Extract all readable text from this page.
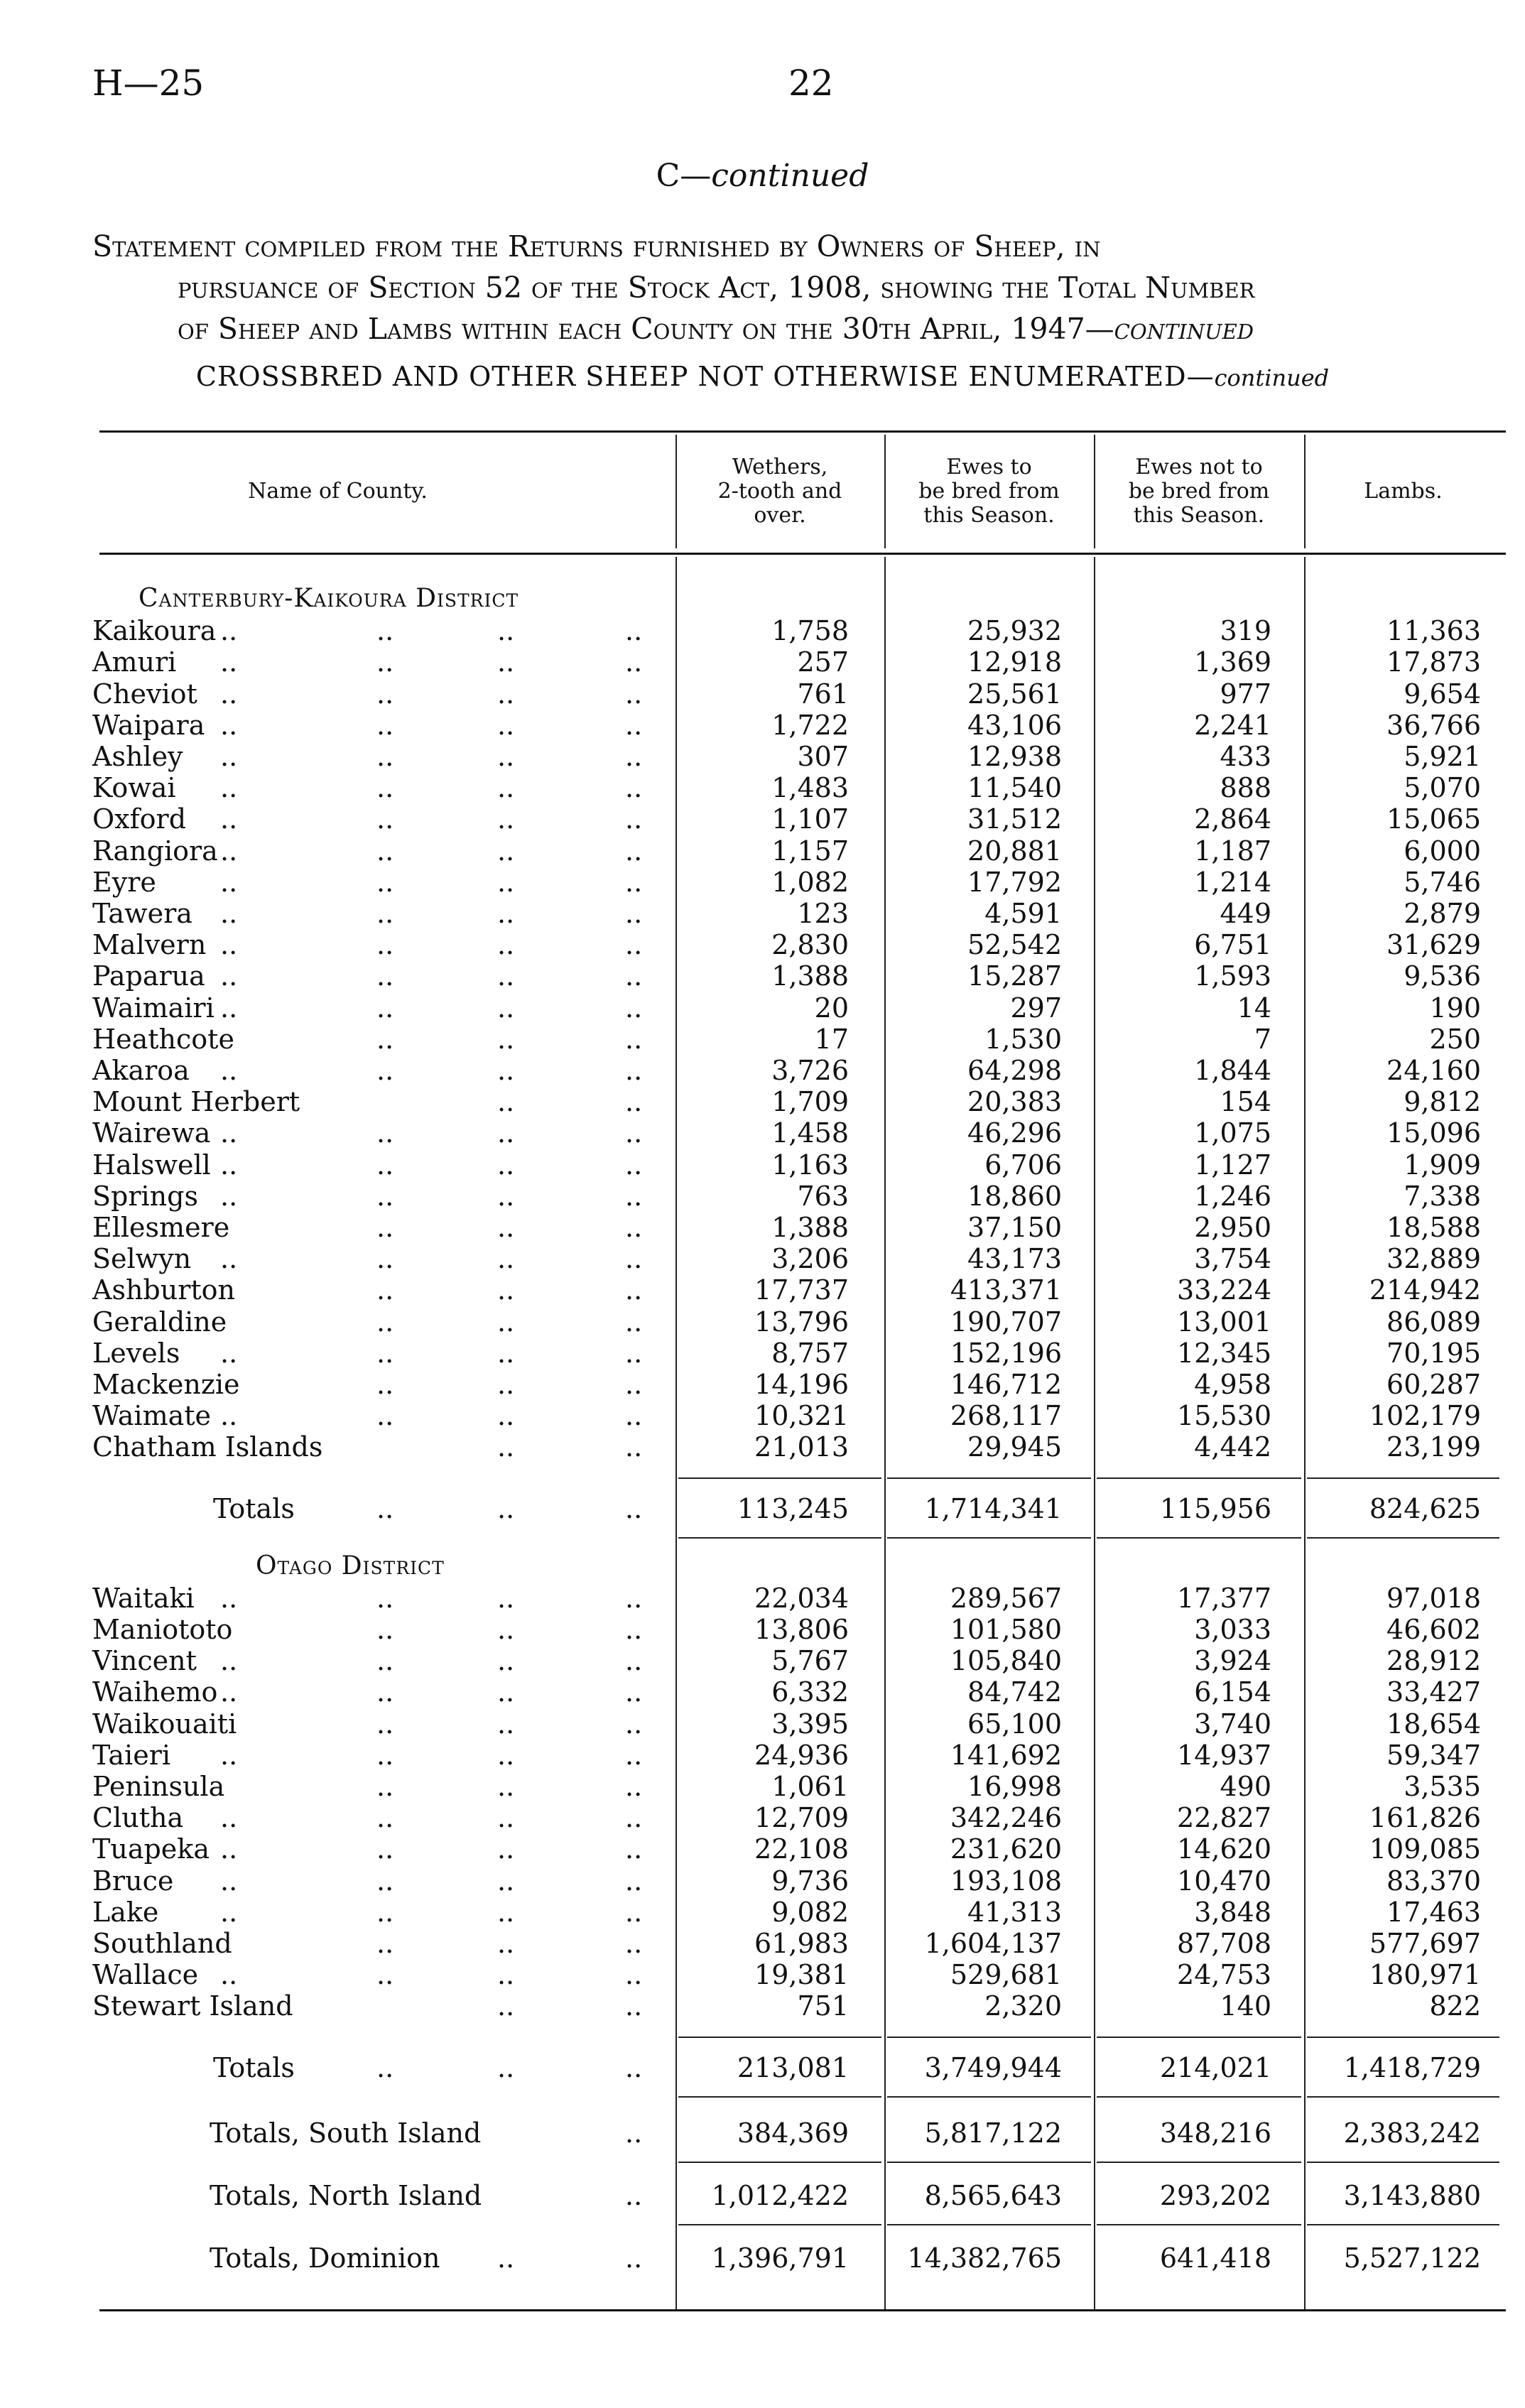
H—25	22
C—continued
Statement compiled from the Returns furnished by Owners of Sheep, in
pursuance of Section 52 of the Stock Act, 1908, showing the Total Number
of Sheep and Lambs within each County on the 30th April, 1947—continued
CROSSBRED AND OTHER SHEEP NOT OTHERWISE ENUMERATED—continued
Name of County.
Wethers,
2-tooth and
over.
Ewes to
be bred from
this Season.
Ewes not to
be bred from
this Season.
Lambs.
Canterbury-Kaikoura District
Kaikoura ..	..	..	..	1,758	25,932	319	11,363
Amuri ..	..	..	..	257	12,918	1,369	17,873
Cheviot ..	..	..	..	761	25,561	977	9,654
Waipara ..	..	..	..	1,722	43,106	2,241	36,766
Ashley ..	..	..	..	307	12,938	433	5,921
Kowai ..	..	..	..	1,483	11,540	888	5,070
Oxford ..	..	..	..	1,107	31,512	2,864	15,065
Rangiora ..	..	..	..	1,157	20,881	1,187	6,000
Eyre ..	..	..	..	1,082	17,792	1,214	5,746
Tawera ..	..	..	..	123	4,591	449	2,879
Malvern ..	..	..	..	2,830	52,542	6,751	31,629
Paparua ..	..	..	..	1,388	15,287	1,593	9,536
Waimairi ..	..	..	..	20	297	14	190
Heathcote	..	..	..	17	1,530	7	250
Akaroa ..	..	..	..	3,726	64,298	1,844	24,160
Mount Herbert	..	..	1,709	20,383	154	9,812
Wairewa ..	..	..	..	1,458	46,296	1,075	15,096
Halswell ..	..	..	..	1,163	6,706	1,127	1,909
Springs ..	..	..	..	763	18,860	1,246	7,338
Ellesmere	..	..	..	1,388	37,150	2,950	18,588
Selwyn ..	..	..	..	3,206	43,173	3,754	32,889
Ashburton	..	..	..	17,737	413,371	33,224	214,942
Geraldine	..	..	..	13,796	190,707	13,001	86,089
Levels ..	..	..	..	8,757	152,196	12,345	70,195
Mackenzie	..	..	..	14,196	146,712	4,958	60,287
Waimate ..	..	..	..	10,321	268,117	15,530	102,179
Chatham Islands	..	..	21,013	29,945	4,442	23,199
Totals	..	..	..	113,245	1,714,341	115,956	824,625
Otago District
Waitaki ..	..	..	..	22,034	289,567	17,377	97,018
Maniototo	..	..	..	13,806	101,580	3,033	46,602
Vincent ..	..	..	..	5,767	105,840	3,924	28,912
Waihemo ..	..	..	..	6,332	84,742	6,154	33,427
Waikouaiti	..	..	..	3,395	65,100	3,740	18,654
Taieri ..	..	..	..	24,936	141,692	14,937	59,347
Peninsula	..	..	..	1,061	16,998	490	3,535
Clutha ..	..	..	..	12,709	342,246	22,827	161,826
Tuapeka ..	..	..	..	22,108	231,620	14,620	109,085
Bruce ..	..	..	..	9,736	193,108	10,470	83,370
Lake ..	..	..	..	9,082	41,313	3,848	17,463
Southland	..	..	..	61,983	1,604,137	87,708	577,697
Wallace ..	..	..	..	19,381	529,681	24,753	180,971
Stewart Island	..	..	751	2,320	140	822
Totals	..	..	..	213,081	3,749,944	214,021	1,418,729
Totals, South Island	..	384,369	5,817,122	348,216	2,383,242
Totals, North Island	..	1,012,422	8,565,643	293,202	3,143,880
Totals, Dominion ..	..	1,396,791	14,382,765	641,418	5,527,122
